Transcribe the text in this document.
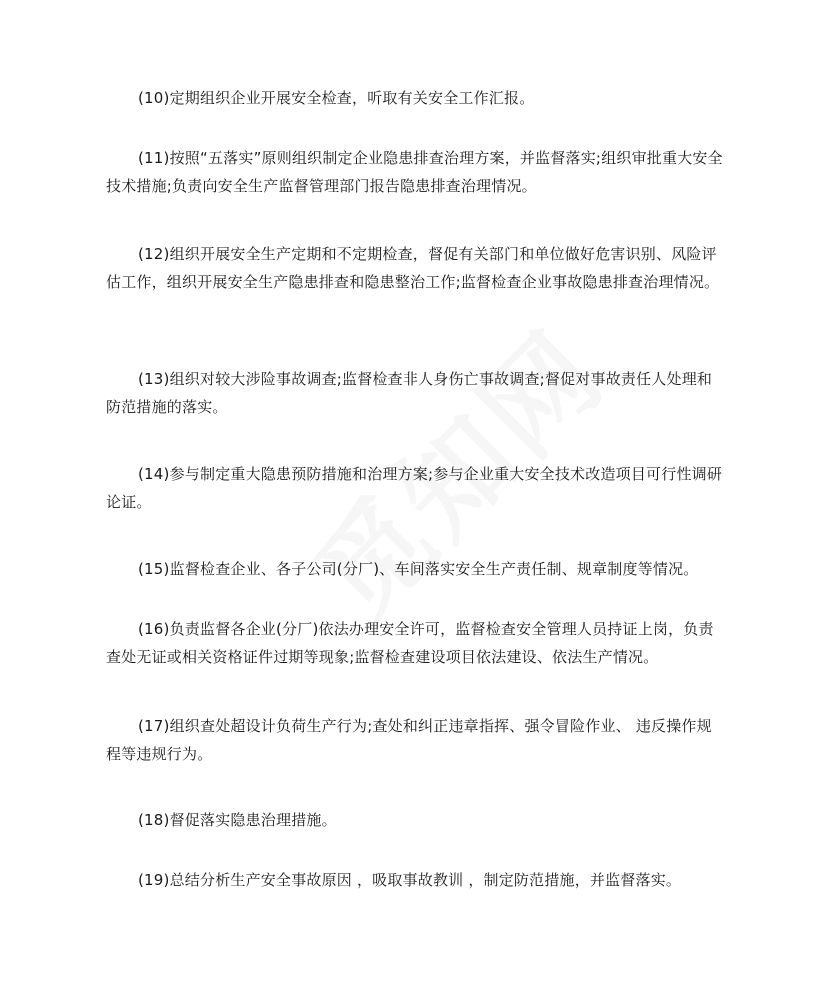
(10)定期组织企业开展安全检查，听取有关安全工作汇报。

(11)按照“五落实”原则组织制定企业隐患排查治理方案，并监督落实;组织审批重大安全技术措施;负责向安全生产监督管理部门报告隐患排查治理情况。

(12)组织开展安全生产定期和不定期检查，督促有关部门和单位做好危害识别、风险评估工作，组织开展安全生产隐患排查和隐患整治工作;监督检查企业事故隐患排查治理情况。

(13)组织对较大涉险事故调查;监督检查非人身伤亡事故调查;督促对事故责任人处理和防范措施的落实。

(14)参与制定重大隐患预防措施和治理方案;参与企业重大安全技术改造项目可行性调研论证。

(15)监督检查企业、各子公司(分厂)、车间落实安全生产责任制、规章制度等情况。

(16)负责监督各企业(分厂)依法办理安全许可，监督检查安全管理人员持证上岗，负责查处无证或相关资格证件过期等现象;监督检查建设项目依法建设、依法生产情况。

(17)组织查处超设计负荷生产行为;查处和纠正违章指挥、强令冒险作业、 违反操作规程等违规行为。

(18)督促落实隐患治理措施。

(19)总结分析生产安全事故原因 ，吸取事故教训 ，制定防范措施，并监督落实。
